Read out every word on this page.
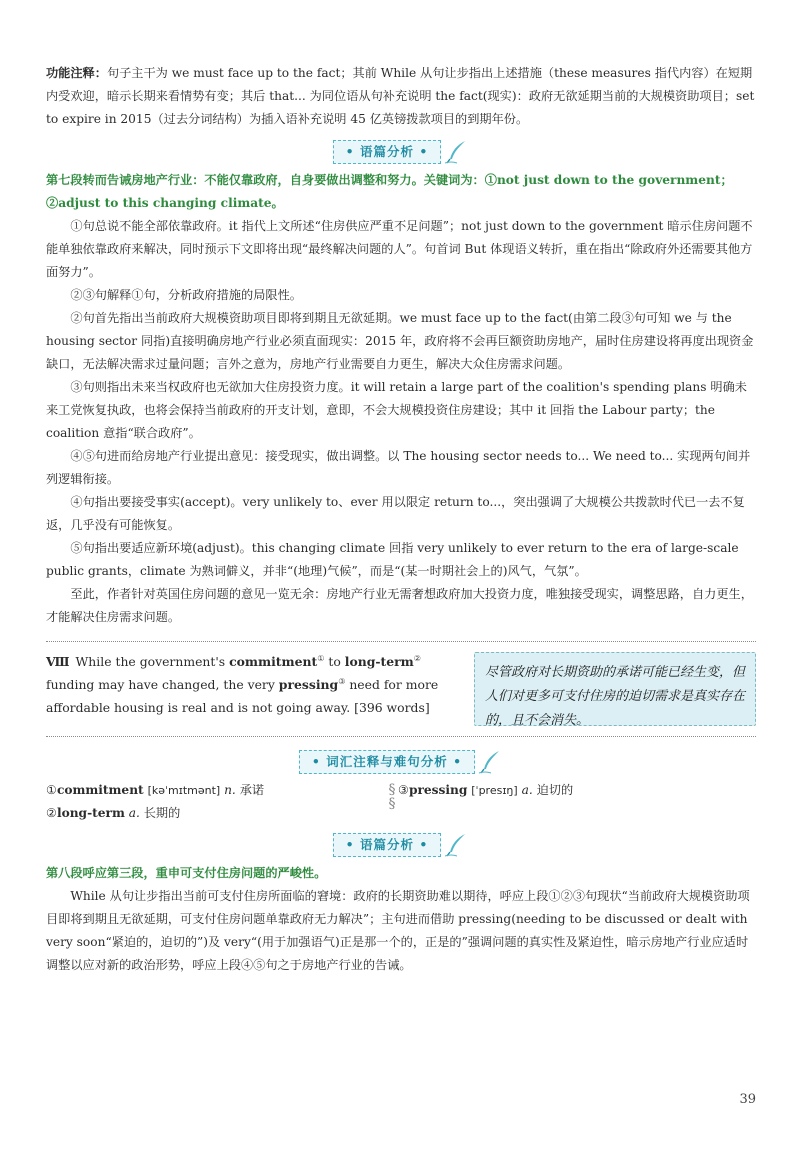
功能注释：句子主干为 we must face up to the fact；其前 While 从句让步指出上述措施（these measures 指代内容）在短期内受欢迎，暗示长期来看情势有变；其后 that... 为同位语从句补充说明 the fact(现实)：政府无欲延期当前的大规模资助项目；set to expire in 2015（过去分词结构）为插入语补充说明 45 亿英镑拨款项目的到期年份。

• 语篇分析 •

第七段转而告诫房地产行业：不能仅靠政府，自身要做出调整和努力。关键词为：①not just down to the government；②adjust to this changing climate。

①句总说不能全部依靠政府。it 指代上文所述“住房供应严重不足问题”；not just down to the government 暗示住房问题不能单独依靠政府来解决，同时预示下文即将出现“最终解决问题的人”。句首词 But 体现语义转折，重在指出“除政府外还需要其他方面努力”。

②③句解释①句，分析政府措施的局限性。

②句首先指出当前政府大规模资助项目即将到期且无欲延期。we must face up to the fact(由第二段③句可知 we 与 the housing sector 同指)直接明确房地产行业必须直面现实：2015 年，政府将不会再巨额资助房地产，届时住房建设将再度出现资金缺口，无法解决需求过量问题；言外之意为，房地产行业需要自力更生，解决大众住房需求问题。

③句则指出未来当权政府也无欲加大住房投资力度。it will retain a large part of the coalition's spending plans 明确未来工党恢复执政，也将会保持当前政府的开支计划，意即，不会大规模投资住房建设；其中 it 回指 the Labour party；the coalition 意指“联合政府”。

④⑤句进而给房地产行业提出意见：接受现实，做出调整。以 The housing sector needs to... We need to... 实现两句间并列逻辑衔接。

④句指出要接受事实(accept)。very unlikely to、ever 用以限定 return to...，突出强调了大规模公共拨款时代已一去不复返，几乎没有可能恢复。

⑤句指出要适应新环境(adjust)。this changing climate 回指 very unlikely to ever return to the era of large-scale public grants，climate 为熟词僻义，并非“(地理)气候”，而是“(某一时期社会上的)风气，气氛”。

至此，作者针对英国住房问题的意见一览无余：房地产行业无需奢想政府加大投资力度，唯独接受现实，调整思路，自力更生，才能解决住房需求问题。

Ⅷ While the government's commitment① to long-term② funding may have changed, the very pressing③ need for more affordable housing is real and is not going away. [396 words]

尽管政府对长期资助的承诺可能已经生变，但人们对更多可支付住房的迫切需求是真实存在的，且不会消失。
• 词汇注释与难句分析 •
①commitment [kəˈmɪtmənt] n. 承诺
②long-term a. 长期的
§
§
③pressing [ˈpresɪŋ] a. 迫切的
• 语篇分析 •

第八段呼应第三段，重申可支付住房问题的严峻性。

While 从句让步指出当前可支付住房所面临的窘境：政府的长期资助难以期待，呼应上段①②③句现状“当前政府大规模资助项目即将到期且无欲延期，可支付住房问题单靠政府无力解决”；主句进而借助 pressing(needing to be discussed or dealt with very soon“紧迫的，迫切的”)及 very“(用于加强语气)正是那一个的，正是的”强调问题的真实性及紧迫性，暗示房地产行业应适时调整以应对新的政治形势，呼应上段④⑤句之于房地产行业的告诫。

39
